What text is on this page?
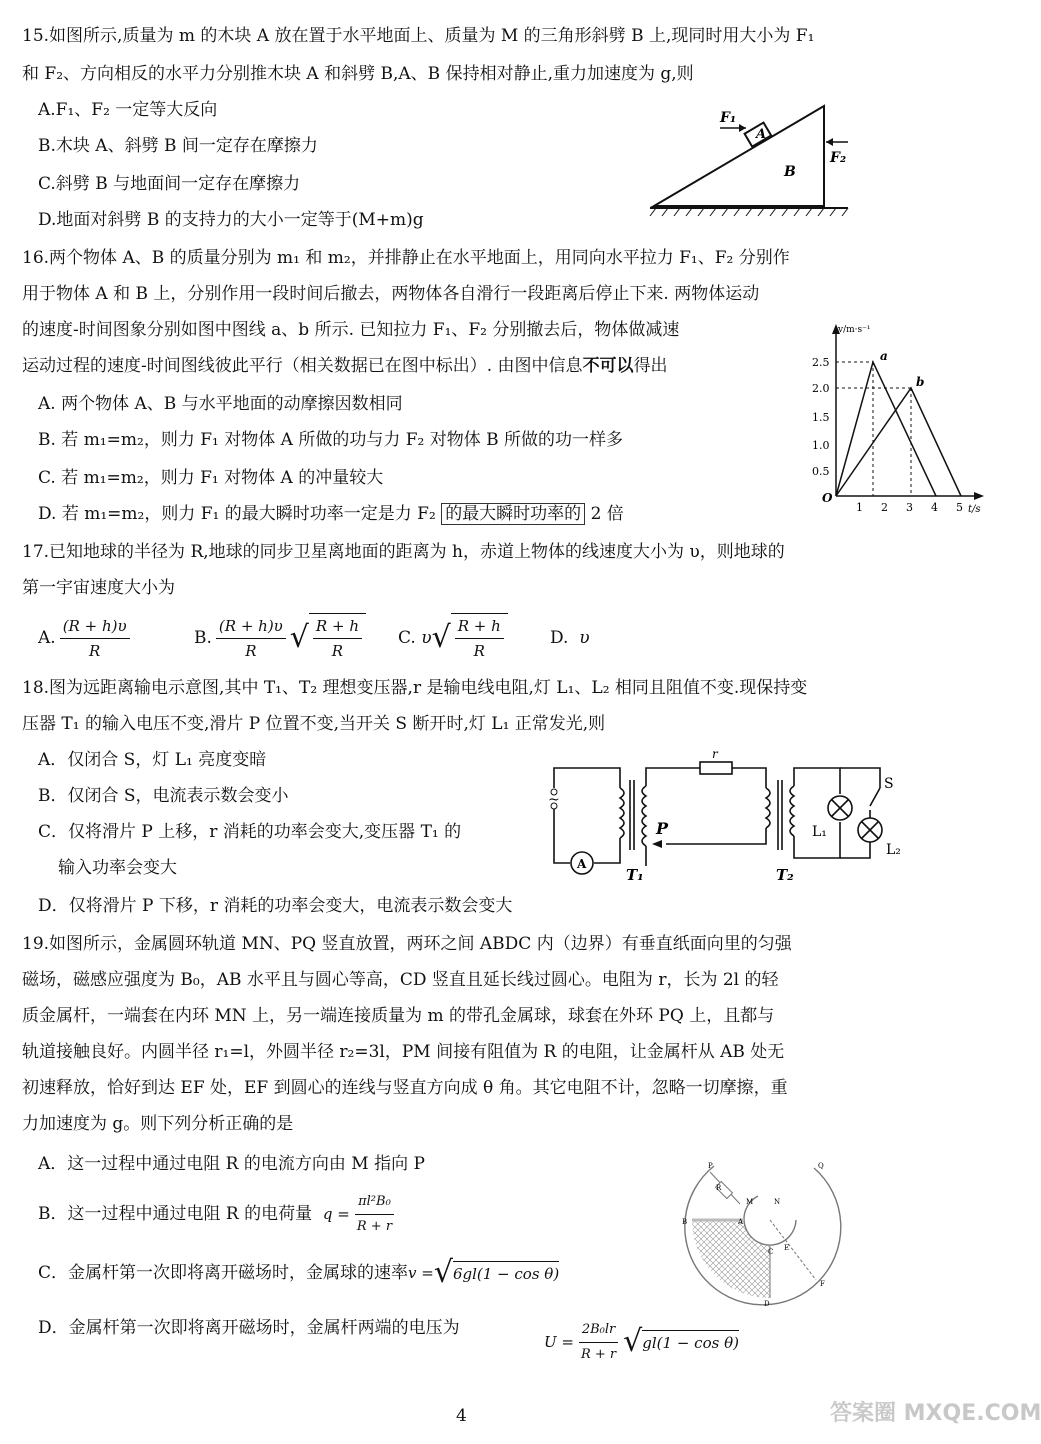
15.如图所示,质量为 m 的木块 A 放在置于水平地面上、质量为 M 的三角形斜劈 B 上,现同时用大小为 F₁
和 F₂、方向相反的水平力分别推木块 A 和斜劈 B,A、B 保持相对静止,重力加速度为 g,则
A.F₁、F₂ 一定等大反向
B.木块 A、斜劈 B 间一定存在摩擦力
C.斜劈 B 与地面间一定存在摩擦力
D.地面对斜劈 B 的支持力的大小一定等于(M+m)g
A
F₁
F₂
B
16.两个物体 A、B 的质量分别为 m₁ 和 m₂，并排静止在水平地面上，用同向水平拉力 F₁、F₂ 分别作
用于物体 A 和 B 上，分别作用一段时间后撤去，两物体各自滑行一段距离后停止下来. 两物体运动
的速度-时间图象分别如图中图线 a、b 所示. 已知拉力 F₁、F₂ 分别撤去后，物体做减速
运动过程的速度-时间图线彼此平行（相关数据已在图中标出）. 由图中信息不可以得出
A. 两个物体 A、B 与水平地面的动摩擦因数相同
B. 若 m₁=m₂，则力 F₁ 对物体 A 所做的功与力 F₂ 对物体 B 所做的功一样多
C. 若 m₁=m₂，则力 F₁ 对物体 A 的冲量较大
D. 若 m₁=m₂，则力 F₁ 的最大瞬时功率一定是力 F₂ 的最大瞬时功率的 2 倍
v/m·s⁻¹
t/s
O
2.5
2.0
1.5
1.0
0.5
1 2 3 4 5
a
b
17.已知地球的半径为 R,地球的同步卫星离地面的距离为 h，赤道上物体的线速度大小为 υ，则地球的
第一宇宙速度大小为
A. $\frac{(R + h)\upsilon}{R}$	B. $\frac{(R + h)\upsilon}{R}$ √ $\frac{R + h}{R} C$.
υ √ $\frac{R + h}{R}$	D. υ
18.图为远距离输电示意图,其中 T₁、T₂ 理想变压器,r 是输电线电阻,灯 L₁、L₂ 相同且阻值不变.现保持变
压器 T₁ 的输入电压不变,滑片 P 位置不变,当开关 S 断开时,灯 L₁ 正常发光,则
A．仅闭合 S，灯 L₁ 亮度变暗
B．仅闭合 S，电流表示数会变小
C．仅将滑片 P 上移，r 消耗的功率会变大,变压器 T₁ 的
输入功率会变大
D．仅将滑片 P 下移，r 消耗的功率会变大，电流表示数会变大
~
A
P
r
T₁	T₂
L₁
L₂
S
19.如图所示，金属圆环轨道 MN、PQ 竖直放置，两环之间 ABDC 内（边界）有垂直纸面向里的匀强
磁场，磁感应强度为 B₀，AB 水平且与圆心等高，CD 竖直且延长线过圆心。电阻为 r，长为 2l 的轻
质金属杆，一端套在内环 MN 上，另一端连接质量为 m 的带孔金属球，球套在外环 PQ 上，且都与
轨道接触良好。内圆半径 r₁=l，外圆半径 r₂=3l，PM 间接有阻值为 R 的电阻，让金属杆从 AB 处无
初速释放，恰好到达 EF 处，EF 到圆心的连线与竖直方向成 θ 角。其它电阻不计，忽略一切摩擦，重
力加速度为 g。则下列分析正确的是
A．这一过程中通过电阻 R 的电流方向由 M 指向 P
B．这一过程中通过电阻 R 的电荷量
$q = \frac{\text{πl²B₀}}{R + r}$
C．金属杆第一次即将离开磁场时，金属球的速率 v = √ 6gl(1 − cos θ)
D．金属杆第一次即将离开磁场时，金属杆两端的电压为
$U = \frac{\text{2B₀lr}}{R + r}$ √ gl(1 − cos θ)
R
P	Q
M	N
A
B
C
D
E
F
4	答案圈 MXQE.COM
